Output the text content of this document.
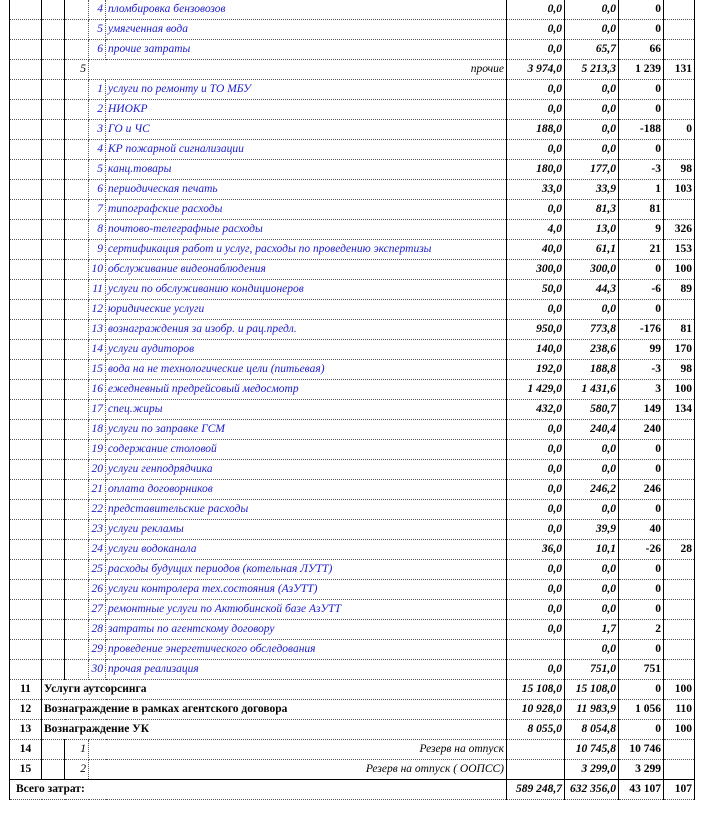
			4	пломбировка бензовозов	0,0	0,0	0	
			5	умягченная вода	0,0	0,0	0	
			6	прочие затраты	0,0	65,7	66	
		5	прочие		3 974,0	5 213,3	1 239	131
			1	услуги по ремонту и ТО МБУ	0,0	0,0	0	
			2	НИОКР	0,0	0,0	0	
			3	ГО и ЧС	188,0	0,0	-188	0
			4	КР пожарной сигнализации	0,0	0,0	0	
			5	канц.товары	180,0	177,0	-3	98
			6	периодическая печать	33,0	33,9	1	103
			7	типографские расходы	0,0	81,3	81	
			8	почтово-телеграфные расходы	4,0	13,0	9	326
			9	сертификация работ и услуг, расходы по проведению экспертизы	40,0	61,1	21	153
			10	обслуживание видеонаблюдения	300,0	300,0	0	100
			11	услуги по обслуживанию кондиционеров	50,0	44,3	-6	89
			12	юридические услуги	0,0	0,0	0	
			13	вознаграждения за изобр. и рац.предл.	950,0	773,8	-176	81
			14	услуги аудиторов	140,0	238,6	99	170
			15	вода на не технологические цели (питьевая)	192,0	188,8	-3	98
			16	ежедневный предрейсовый медосмотр	1 429,0	1 431,6	3	100
			17	спец.жиры	432,0	580,7	149	134
			18	услуги по заправке ГСМ	0,0	240,4	240	
			19	содержание столовой	0,0	0,0	0	
			20	услуги генподрядчика	0,0	0,0	0	
			21	оплата договорников	0,0	246,2	246	
			22	представительские расходы	0,0	0,0	0	
			23	услуги рекламы	0,0	39,9	40	
			24	услуги водоканала	36,0	10,1	-26	28
			25	расходы будущих периодов (котельная ЛУТТ)	0,0	0,0	0	
			26	услуги контролера тех.состояния (АзУТТ)	0,0	0,0	0	
			27	ремонтные услуги по Актюбинской базе АзУТТ	0,0	0,0	0	
			28	затраты по агентскому договору	0,0	1,7	2	
			29	проведение энергетического обследования		0,0	0	
			30	прочая реализация	0,0	751,0	751	
11	Услуги аутсорсинга				15 108,0	15 108,0	0	100
12	Вознаграждение в рамках агентского договора				10 928,0	11 983,9	1 056	110
13	Вознаграждение УК				8 055,0	8 054,8	0	100
14		1	Резерв на отпуск			10 745,8	10 746	
15		2	Резерв на отпуск ( ООПСС)			3 299,0	3 299	
Всего затрат:					589 248,7	632 356,0	43 107	107
